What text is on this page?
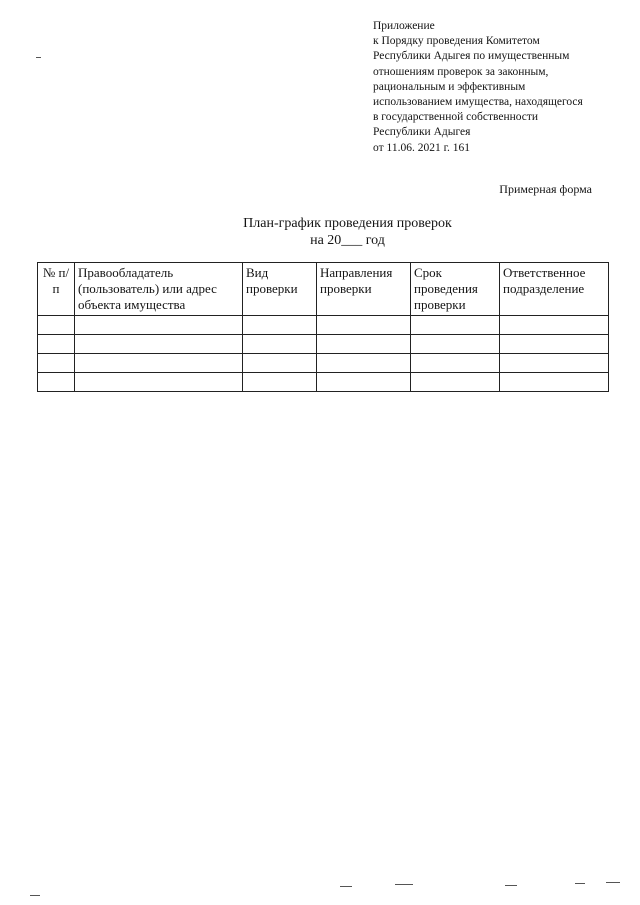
Приложение
к Порядку проведения Комитетом
Республики Адыгея по имущественным
отношениям проверок за законным,
рациональным и эффективным
использованием имущества, находящегося
в государственной собственности
Республики Адыгея
от 11.06. 2021 г. 161
Примерная форма
План-график проведения проверок
на 20___ год
№ п/п	Правообладатель (пользователь) или адрес объекта имущества	Вид проверки	Направления проверки	Срок проведения проверки	Ответственное подразделение
